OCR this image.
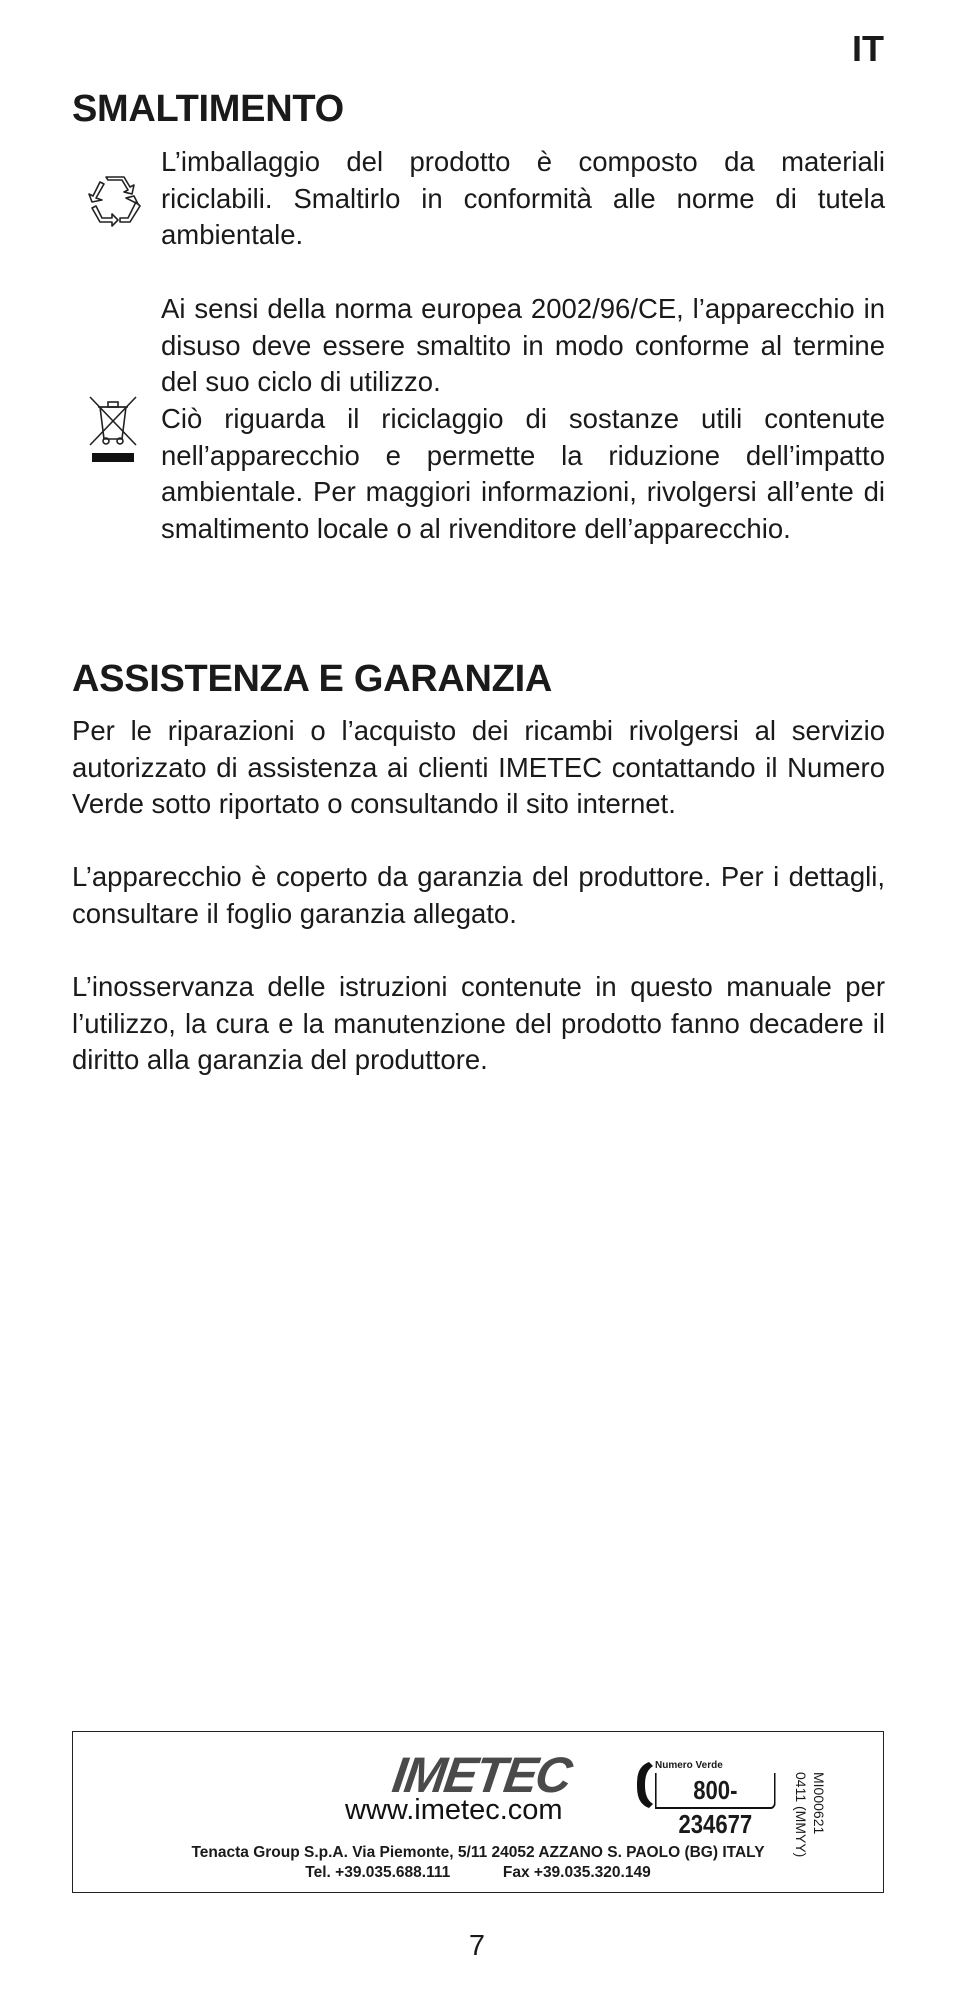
IT
SMALTIMENTO

L’imballaggio del prodotto è composto da materiali riciclabili. Smaltirlo in conformità alle norme di tutela ambientale.

Ai sensi della norma europea 2002/96/CE, l’apparecchio in disuso deve essere smaltito in modo conforme al termine del suo ciclo di utilizzo.

Ciò riguarda il riciclaggio di sostanze utili contenute nell’apparecchio e permette la riduzione dell’impatto ambientale. Per maggiori informazioni, rivolgersi all’ente di smaltimento locale o al rivenditore dell’apparecchio.

ASSISTENZA E GARANZIA

Per le riparazioni o l’acquisto dei ricambi rivolgersi al servizio autorizzato di assistenza ai clienti IMETEC contattando il Numero Verde sotto riportato o consultando il sito internet.

L’apparecchio è coperto da garanzia del produttore. Per i dettagli, consultare il foglio garanzia allegato.

L’inosservanza delle istruzioni contenute in questo manuale per l’utilizzo, la cura e la manutenzione del prodotto fanno decadere il diritto alla garanzia del produttore.

IMETEC
www.imetec.com
Numero Verde
800-234677	MI000621
0411 (MMYY)
Tenacta Group S.p.A. Via Piemonte, 5/11 24052 AZZANO S. PAOLO (BG) ITALY
Tel. +39.035.688.111	Fax +39.035.320.149
7
